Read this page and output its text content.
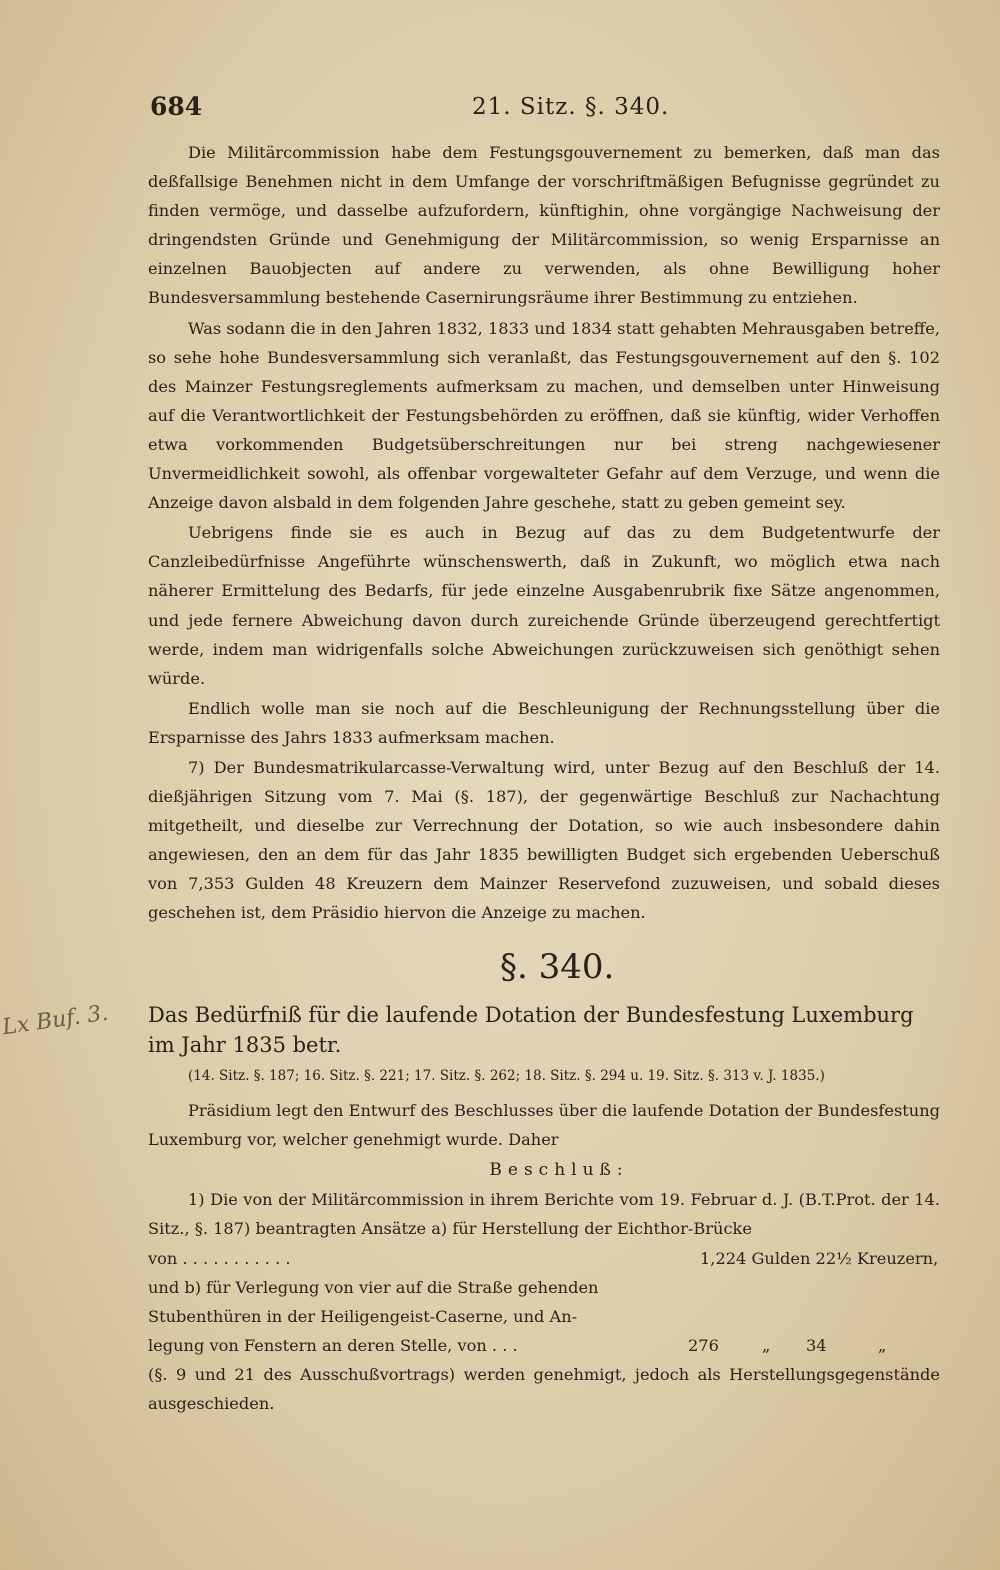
684	21. Sitz. §. 340.

Die Militärcommission habe dem Festungsgouvernement zu bemerken, daß man das deßfallsige Benehmen nicht in dem Umfange der vorschriftmäßigen Befugnisse gegründet zu finden vermöge, und dasselbe aufzufordern, künftighin, ohne vorgängige Nachweisung der dringendsten Gründe und Genehmigung der Militärcommission, so wenig Ersparnisse an einzelnen Bauobjecten auf andere zu verwenden, als ohne Bewilligung hoher Bundesversammlung bestehende Casernirungsräume ihrer Bestimmung zu entziehen.

Was sodann die in den Jahren 1832, 1833 und 1834 statt gehabten Mehrausgaben betreffe, so sehe hohe Bundesversammlung sich veranlaßt, das Festungsgouvernement auf den §. 102 des Mainzer Festungsreglements aufmerksam zu machen, und demselben unter Hinweisung auf die Verantwortlichkeit der Festungsbehörden zu eröffnen, daß sie künftig, wider Verhoffen etwa vorkommenden Budgetsüberschreitungen nur bei streng nachgewiesener Unvermeidlichkeit sowohl, als offenbar vorgewalteter Gefahr auf dem Verzuge, und wenn die Anzeige davon alsbald in dem folgenden Jahre geschehe, statt zu geben gemeint sey.

Uebrigens finde sie es auch in Bezug auf das zu dem Budgetentwurfe der Canzleibedürfnisse Angeführte wünschenswerth, daß in Zukunft, wo möglich etwa nach näherer Ermittelung des Bedarfs, für jede einzelne Ausgabenrubrik fixe Sätze angenommen, und jede fernere Abweichung davon durch zureichende Gründe überzeugend gerechtfertigt werde, indem man widrigenfalls solche Abweichungen zurückzuweisen sich genöthigt sehen würde.

Endlich wolle man sie noch auf die Beschleunigung der Rechnungsstellung über die Ersparnisse des Jahrs 1833 aufmerksam machen.

7) Der Bundesmatrikularcasse-Verwaltung wird, unter Bezug auf den Beschluß der 14. dießjährigen Sitzung vom 7. Mai (§. 187), der gegenwärtige Beschluß zur Nachachtung mitgetheilt, und dieselbe zur Verrechnung der Dotation, so wie auch insbesondere dahin angewiesen, den an dem für das Jahr 1835 bewilligten Budget sich ergebenden Ueberschuß von 7,353 Gulden 48 Kreuzern dem Mainzer Reservefond zuzuweisen, und sobald dieses geschehen ist, dem Präsidio hiervon die Anzeige zu machen.

Lx Buf. 3.
§. 340.
Das Bedürfniß für die laufende Dotation der Bundesfestung Luxemburg im Jahr 1835 betr.
(14. Sitz. §. 187; 16. Sitz. §. 221; 17. Sitz. §. 262; 18. Sitz. §. 294 u. 19. Sitz. §. 313 v. J. 1835.)

Präsidium legt den Entwurf des Beschlusses über die laufende Dotation der Bundesfestung Luxemburg vor, welcher genehmigt wurde. Daher

Beschluß:

1) Die von der Militärcommission in ihrem Berichte vom 19. Februar d. J. (B.T.Prot. der 14. Sitz., §. 187) beantragten Ansätze a) für Herstellung der Eichthor-Brücke

von . . . . . . . . . . .	1,224 Gulden 22½ Kreuzern,
und b) für Verlegung von vier auf die Straße gehenden
Stubenthüren in der Heiligengeist-Caserne, und An-
legung von Fenstern an deren Stelle, von . . .	276	„ 34	„

(§. 9 und 21 des Ausschußvortrags) werden genehmigt, jedoch als Herstellungsgegenstände ausgeschieden.
